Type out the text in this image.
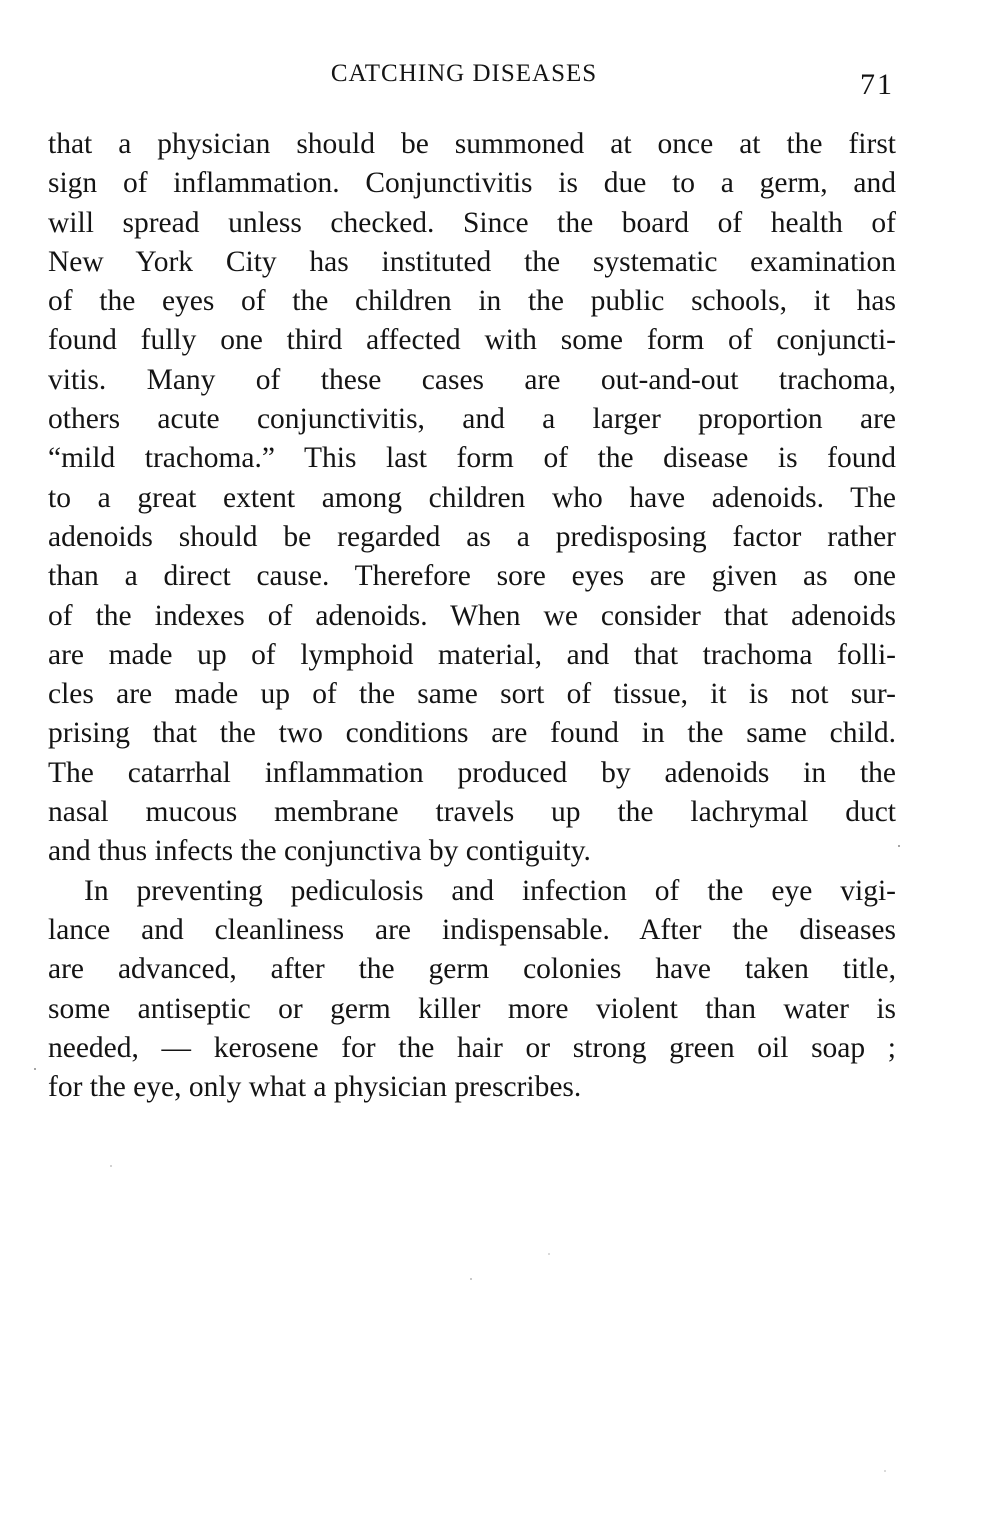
CATCHING DISEASES	71
that a physician should be summoned at once at the first
sign of inflammation. Conjunctivitis is due to a germ, and
will spread unless checked. Since the board of health of
New York City has instituted the systematic examination
of the eyes of the children in the public schools, it has
found fully one third affected with some form of conjuncti-
vitis. Many of these cases are out-and-out trachoma,
others acute conjunctivitis, and a larger proportion are
“mild trachoma.” This last form of the disease is found
to a great extent among children who have adenoids. The
adenoids should be regarded as a predisposing factor rather
than a direct cause. Therefore sore eyes are given as one
of the indexes of adenoids. When we consider that adenoids
are made up of lymphoid material, and that trachoma folli-
cles are made up of the same sort of tissue, it is not sur-
prising that the two conditions are found in the same child.
The catarrhal inflammation produced by adenoids in the
nasal mucous membrane travels up the lachrymal duct
and thus infects the conjunctiva by contiguity.
In preventing pediculosis and infection of the eye vigi-
lance and cleanliness are indispensable. After the diseases
are advanced, after the germ colonies have taken title,
some antiseptic or germ killer more violent than water is
needed, — kerosene for the hair or strong green oil soap ;
for the eye, only what a physician prescribes.
